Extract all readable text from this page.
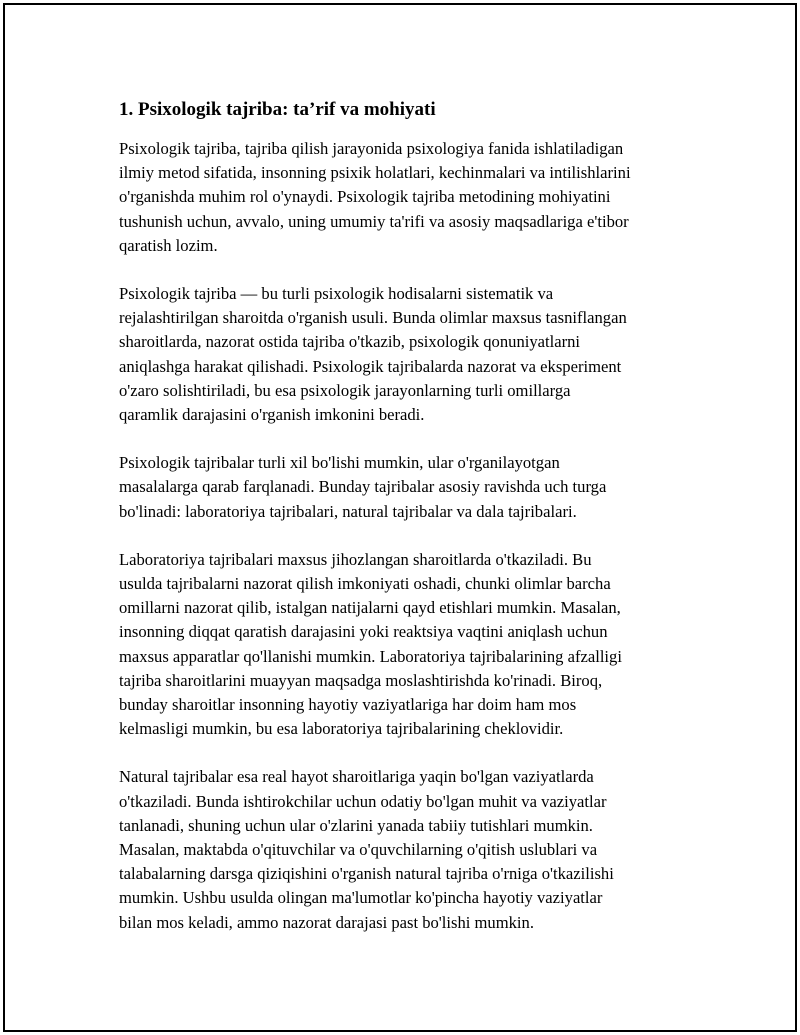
1. Psixologik tajriba: ta’rif va mohiyati

Psixologik tajriba, tajriba qilish jarayonida psixologiya fanida ishlatiladigan
ilmiy metod sifatida, insonning psixik holatlari, kechinmalari va intilishlarini
o'rganishda muhim rol o'ynaydi. Psixologik tajriba metodining mohiyatini
tushunish uchun, avvalo, uning umumiy ta'rifi va asosiy maqsadlariga e'tibor
qaratish lozim.

Psixologik tajriba — bu turli psixologik hodisalarni sistematik va
rejalashtirilgan sharoitda o'rganish usuli. Bunda olimlar maxsus tasniflangan
sharoitlarda, nazorat ostida tajriba o'tkazib, psixologik qonuniyatlarni
aniqlashga harakat qilishadi. Psixologik tajribalarda nazorat va eksperiment
o'zaro solishtiriladi, bu esa psixologik jarayonlarning turli omillarga
qaramlik darajasini o'rganish imkonini beradi.

Psixologik tajribalar turli xil bo'lishi mumkin, ular o'rganilayotgan
masalalarga qarab farqlanadi. Bunday tajribalar asosiy ravishda uch turga
bo'linadi: laboratoriya tajribalari, natural tajribalar va dala tajribalari.

Laboratoriya tajribalari maxsus jihozlangan sharoitlarda o'tkaziladi. Bu
usulda tajribalarni nazorat qilish imkoniyati oshadi, chunki olimlar barcha
omillarni nazorat qilib, istalgan natijalarni qayd etishlari mumkin. Masalan,
insonning diqqat qaratish darajasini yoki reaktsiya vaqtini aniqlash uchun
maxsus apparatlar qo'llanishi mumkin. Laboratoriya tajribalarining afzalligi
tajriba sharoitlarini muayyan maqsadga moslashtirishda ko'rinadi. Biroq,
bunday sharoitlar insonning hayotiy vaziyatlariga har doim ham mos
kelmasligi mumkin, bu esa laboratoriya tajribalarining cheklovidir.

Natural tajribalar esa real hayot sharoitlariga yaqin bo'lgan vaziyatlarda
o'tkaziladi. Bunda ishtirokchilar uchun odatiy bo'lgan muhit va vaziyatlar
tanlanadi, shuning uchun ular o'zlarini yanada tabiiy tutishlari mumkin.
Masalan, maktabda o'qituvchilar va o'quvchilarning o'qitish uslublari va
talabalarning darsga qiziqishini o'rganish natural tajriba o'rniga o'tkazilishi
mumkin. Ushbu usulda olingan ma'lumotlar ko'pincha hayotiy vaziyatlar
bilan mos keladi, ammo nazorat darajasi past bo'lishi mumkin.
